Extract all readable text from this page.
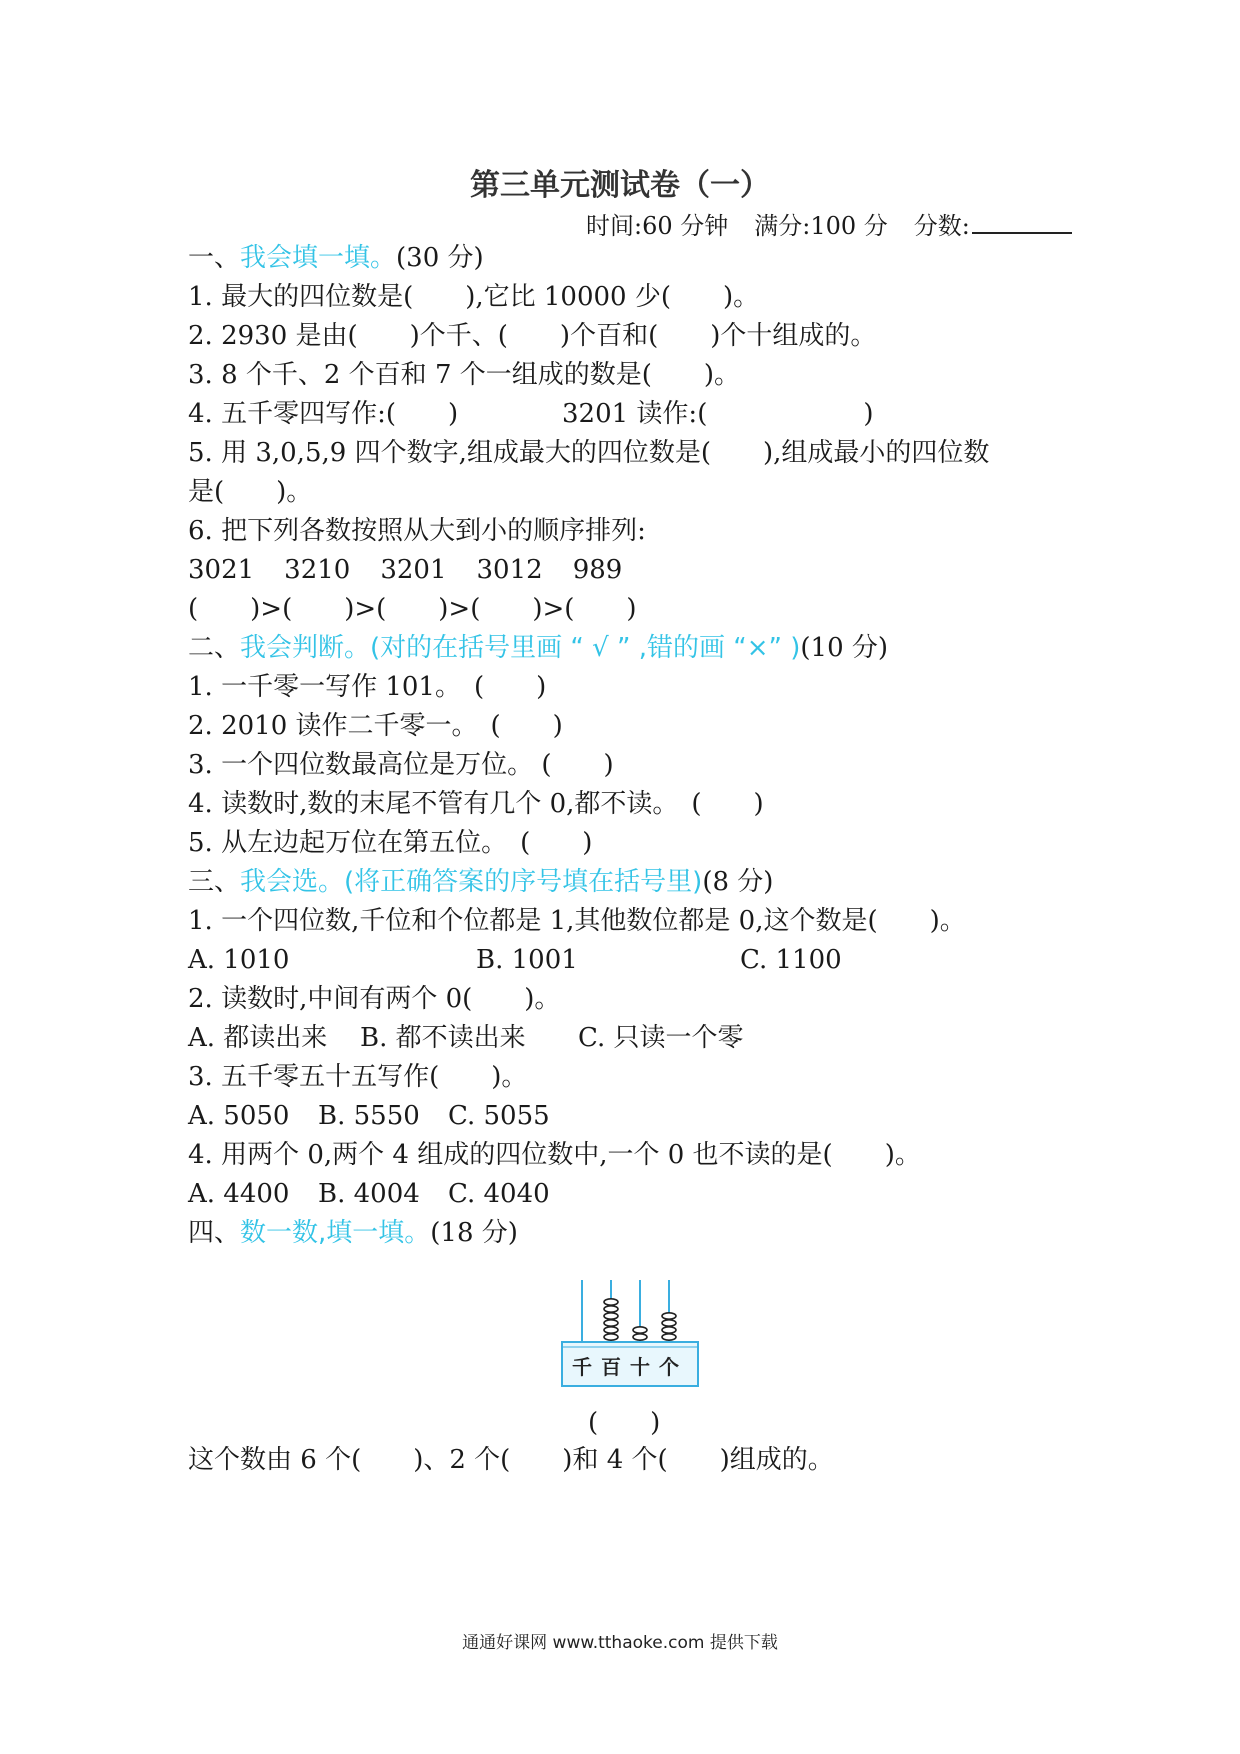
第三单元测试卷（一）
时间:60 分钟 满分:100 分 分数:
一、我会填一填。(30 分)
1. 最大的四位数是(　　),它比 10000 少(　　)。
2. 2930 是由(　　)个千、(　　)个百和(　　)个十组成的。
3. 8 个千、2 个百和 7 个一组成的数是(　　)。
4. 五千零四写作:(　　)	3201 读作:(　　　　　　)
5. 用 3,0,5,9 四个数字,组成最大的四位数是(　　),组成最小的四位数
是(　　)。
6. 把下列各数按照从大到小的顺序排列:
3021 3210 3201 3012 989
(　　)>(　　)>(　　)>(　　)>(　　)
二、我会判断。(对的在括号里画 “ √ ” ,错的画 “×” )(10 分)
1. 一千零一写作 101。　(　　)
2. 2010 读作二千零一。　(　　)
3. 一个四位数最高位是万位。 (　　)
4. 读数时,数的末尾不管有几个 0,都不读。　(　　)
5. 从左边起万位在第五位。　(　　)
三、我会选。(将正确答案的序号填在括号里)(8 分)
1. 一个四位数,千位和个位都是 1,其他数位都是 0,这个数是(　　)。
A. 1010	B. 1001	C. 1100
2. 读数时,中间有两个 0(　　)。
A. 都读出来 B. 都不读出来 C. 只读一个零
3. 五千零五十五写作(　　)。
A. 5050 B. 5550 C. 5055
4. 用两个 0,两个 4 组成的四位数中,一个 0 也不读的是(　　)。
A. 4400 B. 4004 C. 4040
四、数一数,填一填。(18 分)
千 百 十 个
(　　)
这个数由 6 个(　　)、2 个(　　)和 4 个(　　)组成的。
通通好课网 www.tthaoke.com 提供下载
